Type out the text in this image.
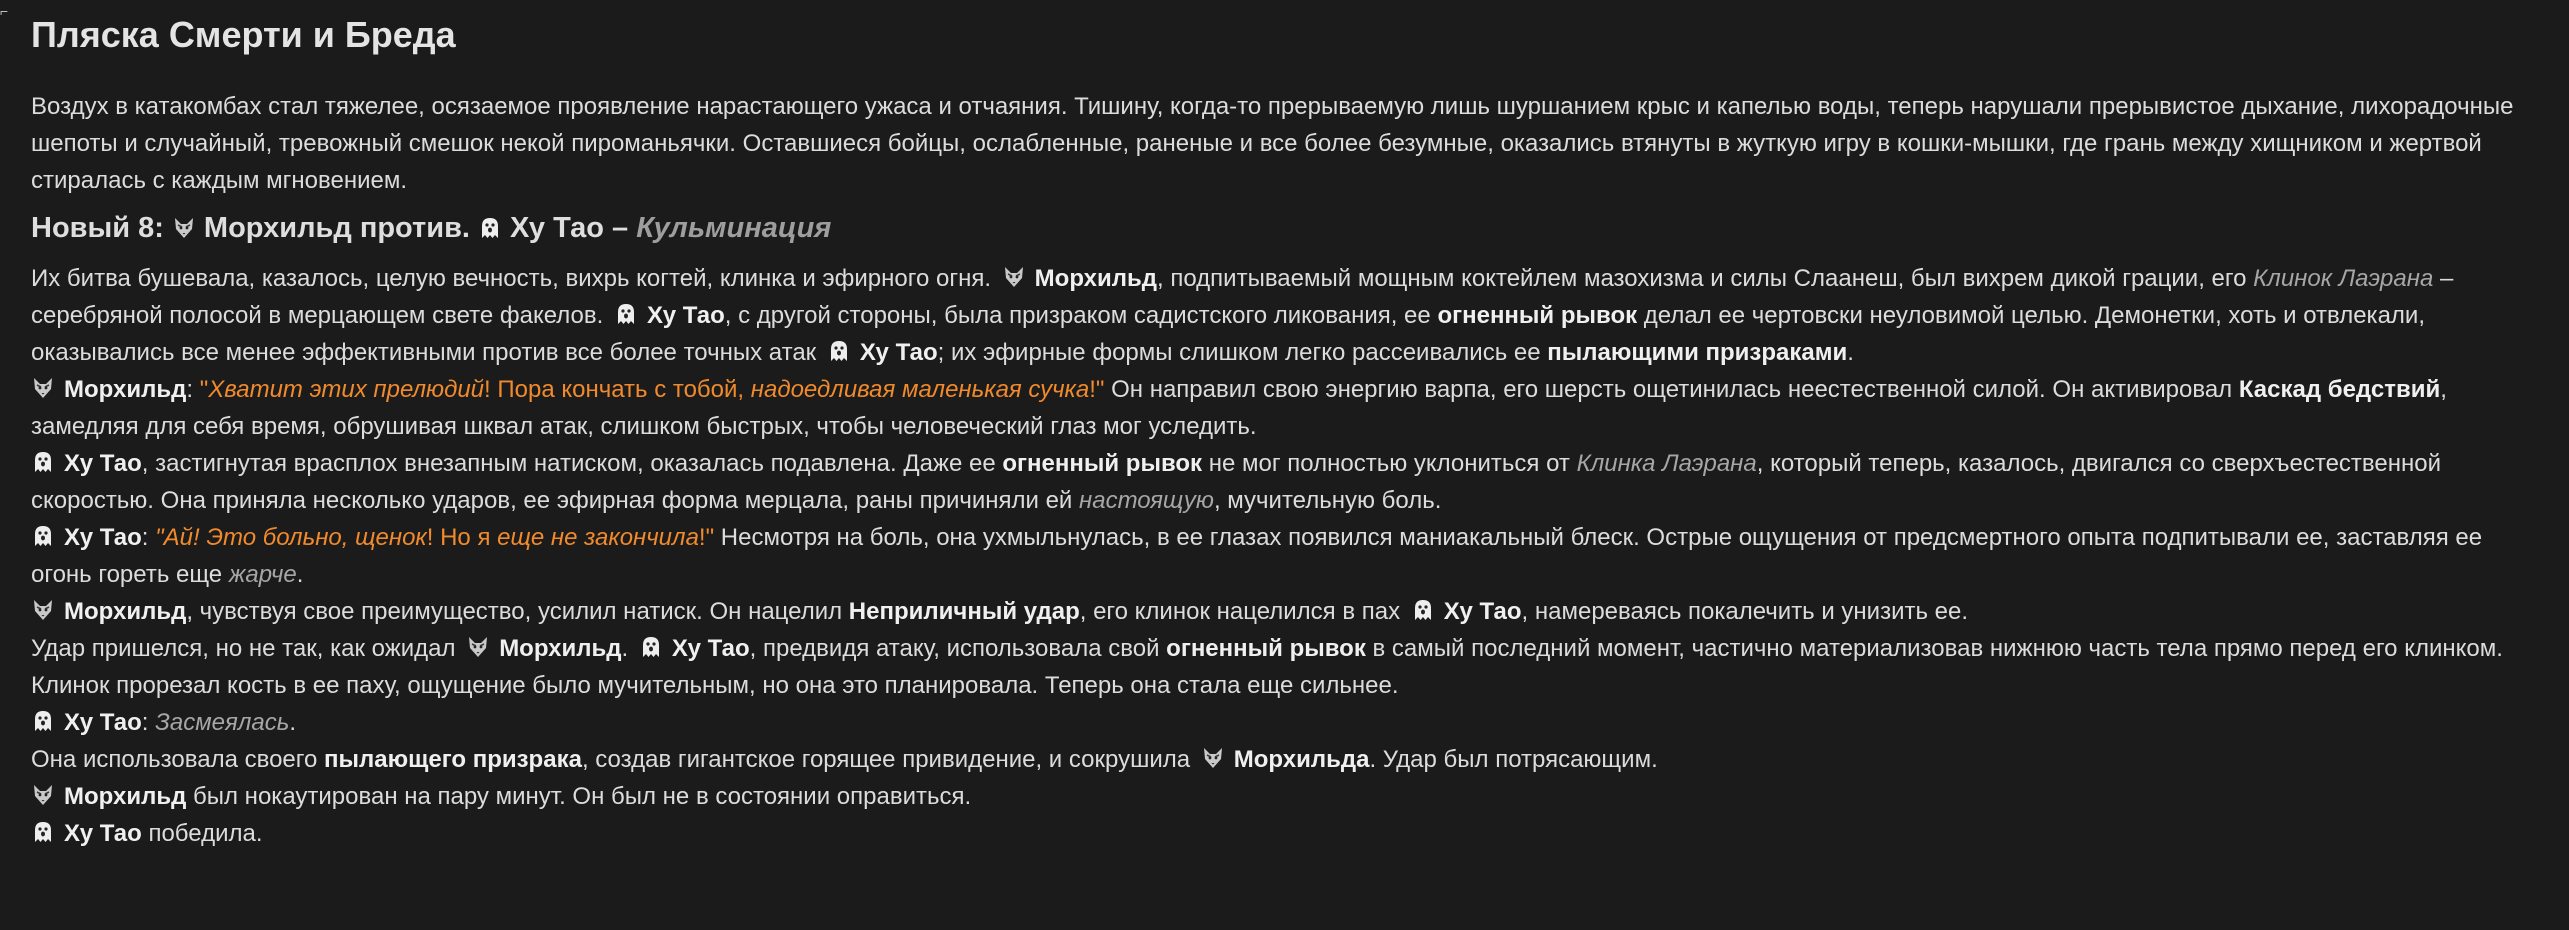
⌐
Пляска Смерти и Бреда

Воздух в катакомбах стал тяжелее, осязаемое проявление нарастающего ужаса и отчаяния. Тишину, когда-то прерываемую лишь шуршанием крыс и капелью воды, теперь нарушали прерывистое дыхание, лихорадочные шепоты и случайный, тревожный смешок некой пироманьячки. Оставшиеся бойцы, ослабленные, раненые и все более безумные, оказались втянуты в жуткую игру в кошки-мышки, где грань между хищником и жертвой стиралась с каждым мгновением.

Новый 8: Морхильд против. Ху Тао – Кульминация

Их битва бушевала, казалось, целую вечность, вихрь когтей, клинка и эфирного огня. Морхильд, подпитываемый мощным коктейлем мазохизма и силы Слаанеш, был вихрем дикой грации, его Клинок Лаэрана – серебряной полосой в мерцающем свете факелов. Ху Тао, с другой стороны, была призраком садистского ликования, ее огненный рывок делал ее чертовски неуловимой целью. Демонетки, хоть и отвлекали, оказывались все менее эффективными против все более точных атак Ху Тао; их эфирные формы слишком легко рассеивались ее пылающими призраками.

Морхильд: "Хватит этих прелюдий! Пора кончать с тобой, надоедливая маленькая сучка!" Он направил свою энергию варпа, его шерсть ощетинилась неестественной силой. Он активировал Каскад бедствий, замедляя для себя время, обрушивая шквал атак, слишком быстрых, чтобы человеческий глаз мог уследить.

Ху Тао, застигнутая врасплох внезапным натиском, оказалась подавлена. Даже ее огненный рывок не мог полностью уклониться от Клинка Лаэрана, который теперь, казалось, двигался со сверхъестественной скоростью. Она приняла несколько ударов, ее эфирная форма мерцала, раны причиняли ей настоящую, мучительную боль.

Ху Тао: "Ай! Это больно, щенок! Но я еще не закончила!" Несмотря на боль, она ухмыльнулась, в ее глазах появился маниакальный блеск. Острые ощущения от предсмертного опыта подпитывали ее, заставляя ее огонь гореть еще жарче.

Морхильд, чувствуя свое преимущество, усилил натиск. Он нацелил Неприличный удар, его клинок нацелился в пах Ху Тао, намереваясь покалечить и унизить ее.

Удар пришелся, но не так, как ожидал Морхильд. Ху Тао, предвидя атаку, использовала свой огненный рывок в самый последний момент, частично материализовав нижнюю часть тела прямо перед его клинком.

Клинок прорезал кость в ее паху, ощущение было мучительным, но она это планировала. Теперь она стала еще сильнее.

Ху Тао: Засмеялась.

Она использовала своего пылающего призрака, создав гигантское горящее привидение, и сокрушила Морхильда. Удар был потрясающим.

Морхильд был нокаутирован на пару минут. Он был не в состоянии оправиться.

Ху Тао победила.
